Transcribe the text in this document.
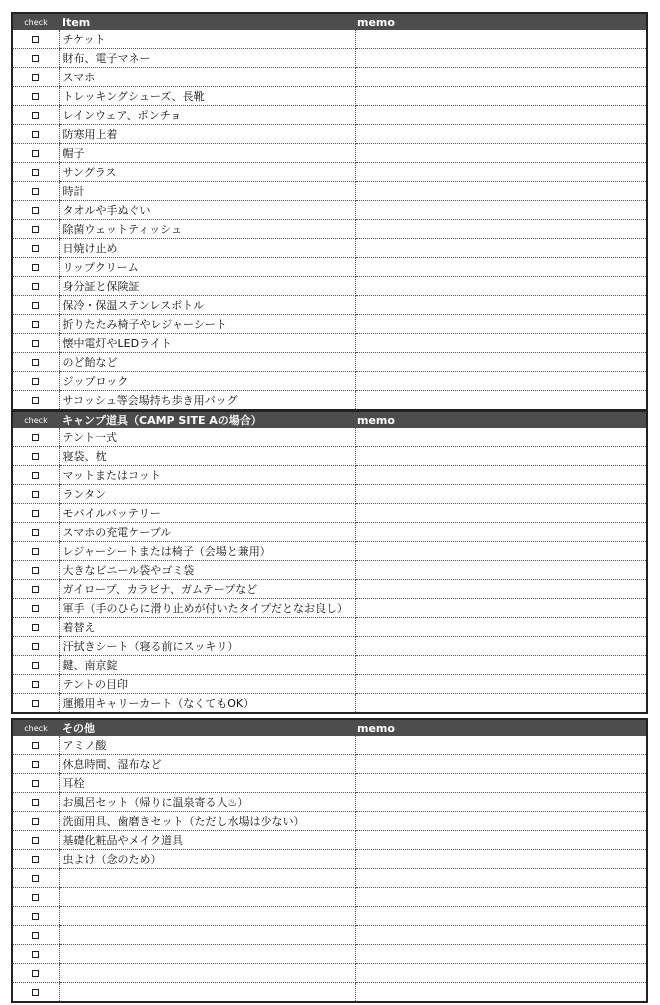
check	Item	memo
	チケット	
	財布、電子マネー	
	スマホ	
	トレッキングシューズ、長靴	
	レインウェア、ポンチョ	
	防寒用上着	
	帽子	
	サングラス	
	時計	
	タオルや手ぬぐい	
	除菌ウェットティッシュ	
	日焼け止め	
	リップクリーム	
	身分証と保険証	
	保冷・保温ステンレスボトル	
	折りたたみ椅子やレジャーシート	
	懐中電灯やLEDライト	
	のど飴など	
	ジップロック	
	サコッシュ等会場持ち歩き用バッグ	
check	キャンプ道具（CAMP SITE Aの場合）	memo
	テント一式	
	寝袋、枕	
	マットまたはコット	
	ランタン	
	モバイルバッテリー	
	スマホの充電ケーブル	
	レジャーシートまたは椅子（会場と兼用）	
	大きなビニール袋やゴミ袋	
	ガイロープ、カラビナ、ガムテープなど	
	軍手（手のひらに滑り止めが付いたタイプだとなお良し）	
	着替え	
	汗拭きシート（寝る前にスッキリ）	
	鍵、南京錠	
	テントの目印	
	運搬用キャリーカート（なくてもOK）	
check	その他	memo
	アミノ酸	
	休息時間、湿布など	
	耳栓	
	お風呂セット（帰りに温泉寄る人♨）	
	洗面用具、歯磨きセット（ただし水場は少ない）	
	基礎化粧品やメイク道具	
	虫よけ（念のため）	
